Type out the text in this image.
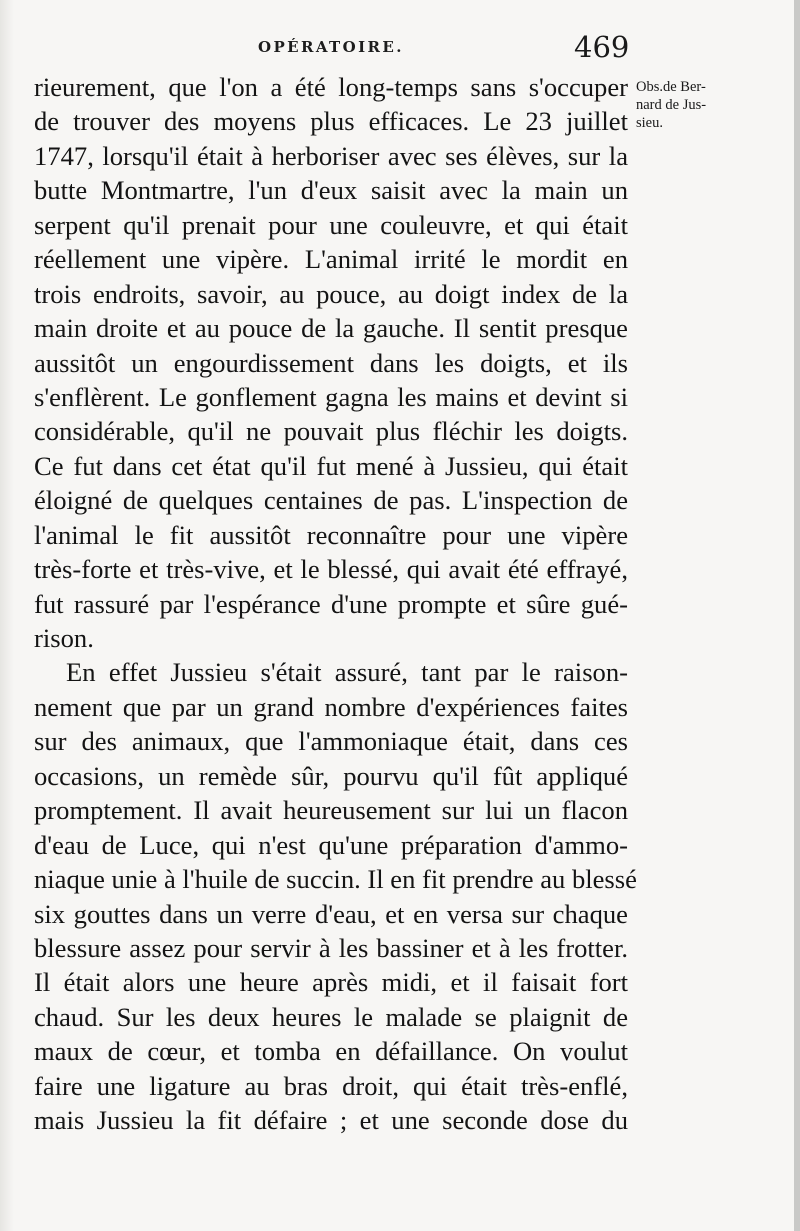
OPÉRATOIRE.	469
Obs.de Ber-
nard de Jus-
sieu.
rieurement, que l'on a été long-temps sans s'occuper
de trouver des moyens plus efficaces. Le 23 juillet
1747, lorsqu'il était à herboriser avec ses élèves, sur la
butte Montmartre, l'un d'eux saisit avec la main un
serpent qu'il prenait pour une couleuvre, et qui était
réellement une vipère. L'animal irrité le mordit en
trois endroits, savoir, au pouce, au doigt index de la
main droite et au pouce de la gauche. Il sentit presque
aussitôt un engourdissement dans les doigts, et ils
s'enflèrent. Le gonflement gagna les mains et devint si
considérable, qu'il ne pouvait plus fléchir les doigts.
Ce fut dans cet état qu'il fut mené à Jussieu, qui était
éloigné de quelques centaines de pas. L'inspection de
l'animal le fit aussitôt reconnaître pour une vipère
très-forte et très-vive, et le blessé, qui avait été effrayé,
fut rassuré par l'espérance d'une prompte et sûre gué-
rison.
En effet Jussieu s'était assuré, tant par le raison-
nement que par un grand nombre d'expériences faites
sur des animaux, que l'ammoniaque était, dans ces
occasions, un remède sûr, pourvu qu'il fût appliqué
promptement. Il avait heureusement sur lui un flacon
d'eau de Luce, qui n'est qu'une préparation d'ammo-
niaque unie à l'huile de succin. Il en fit prendre au blessé
six gouttes dans un verre d'eau, et en versa sur chaque
blessure assez pour servir à les bassiner et à les frotter.
Il était alors une heure après midi, et il faisait fort
chaud. Sur les deux heures le malade se plaignit de
maux de cœur, et tomba en défaillance. On voulut
faire une ligature au bras droit, qui était très-enflé,
mais Jussieu la fit défaire ; et une seconde dose du
